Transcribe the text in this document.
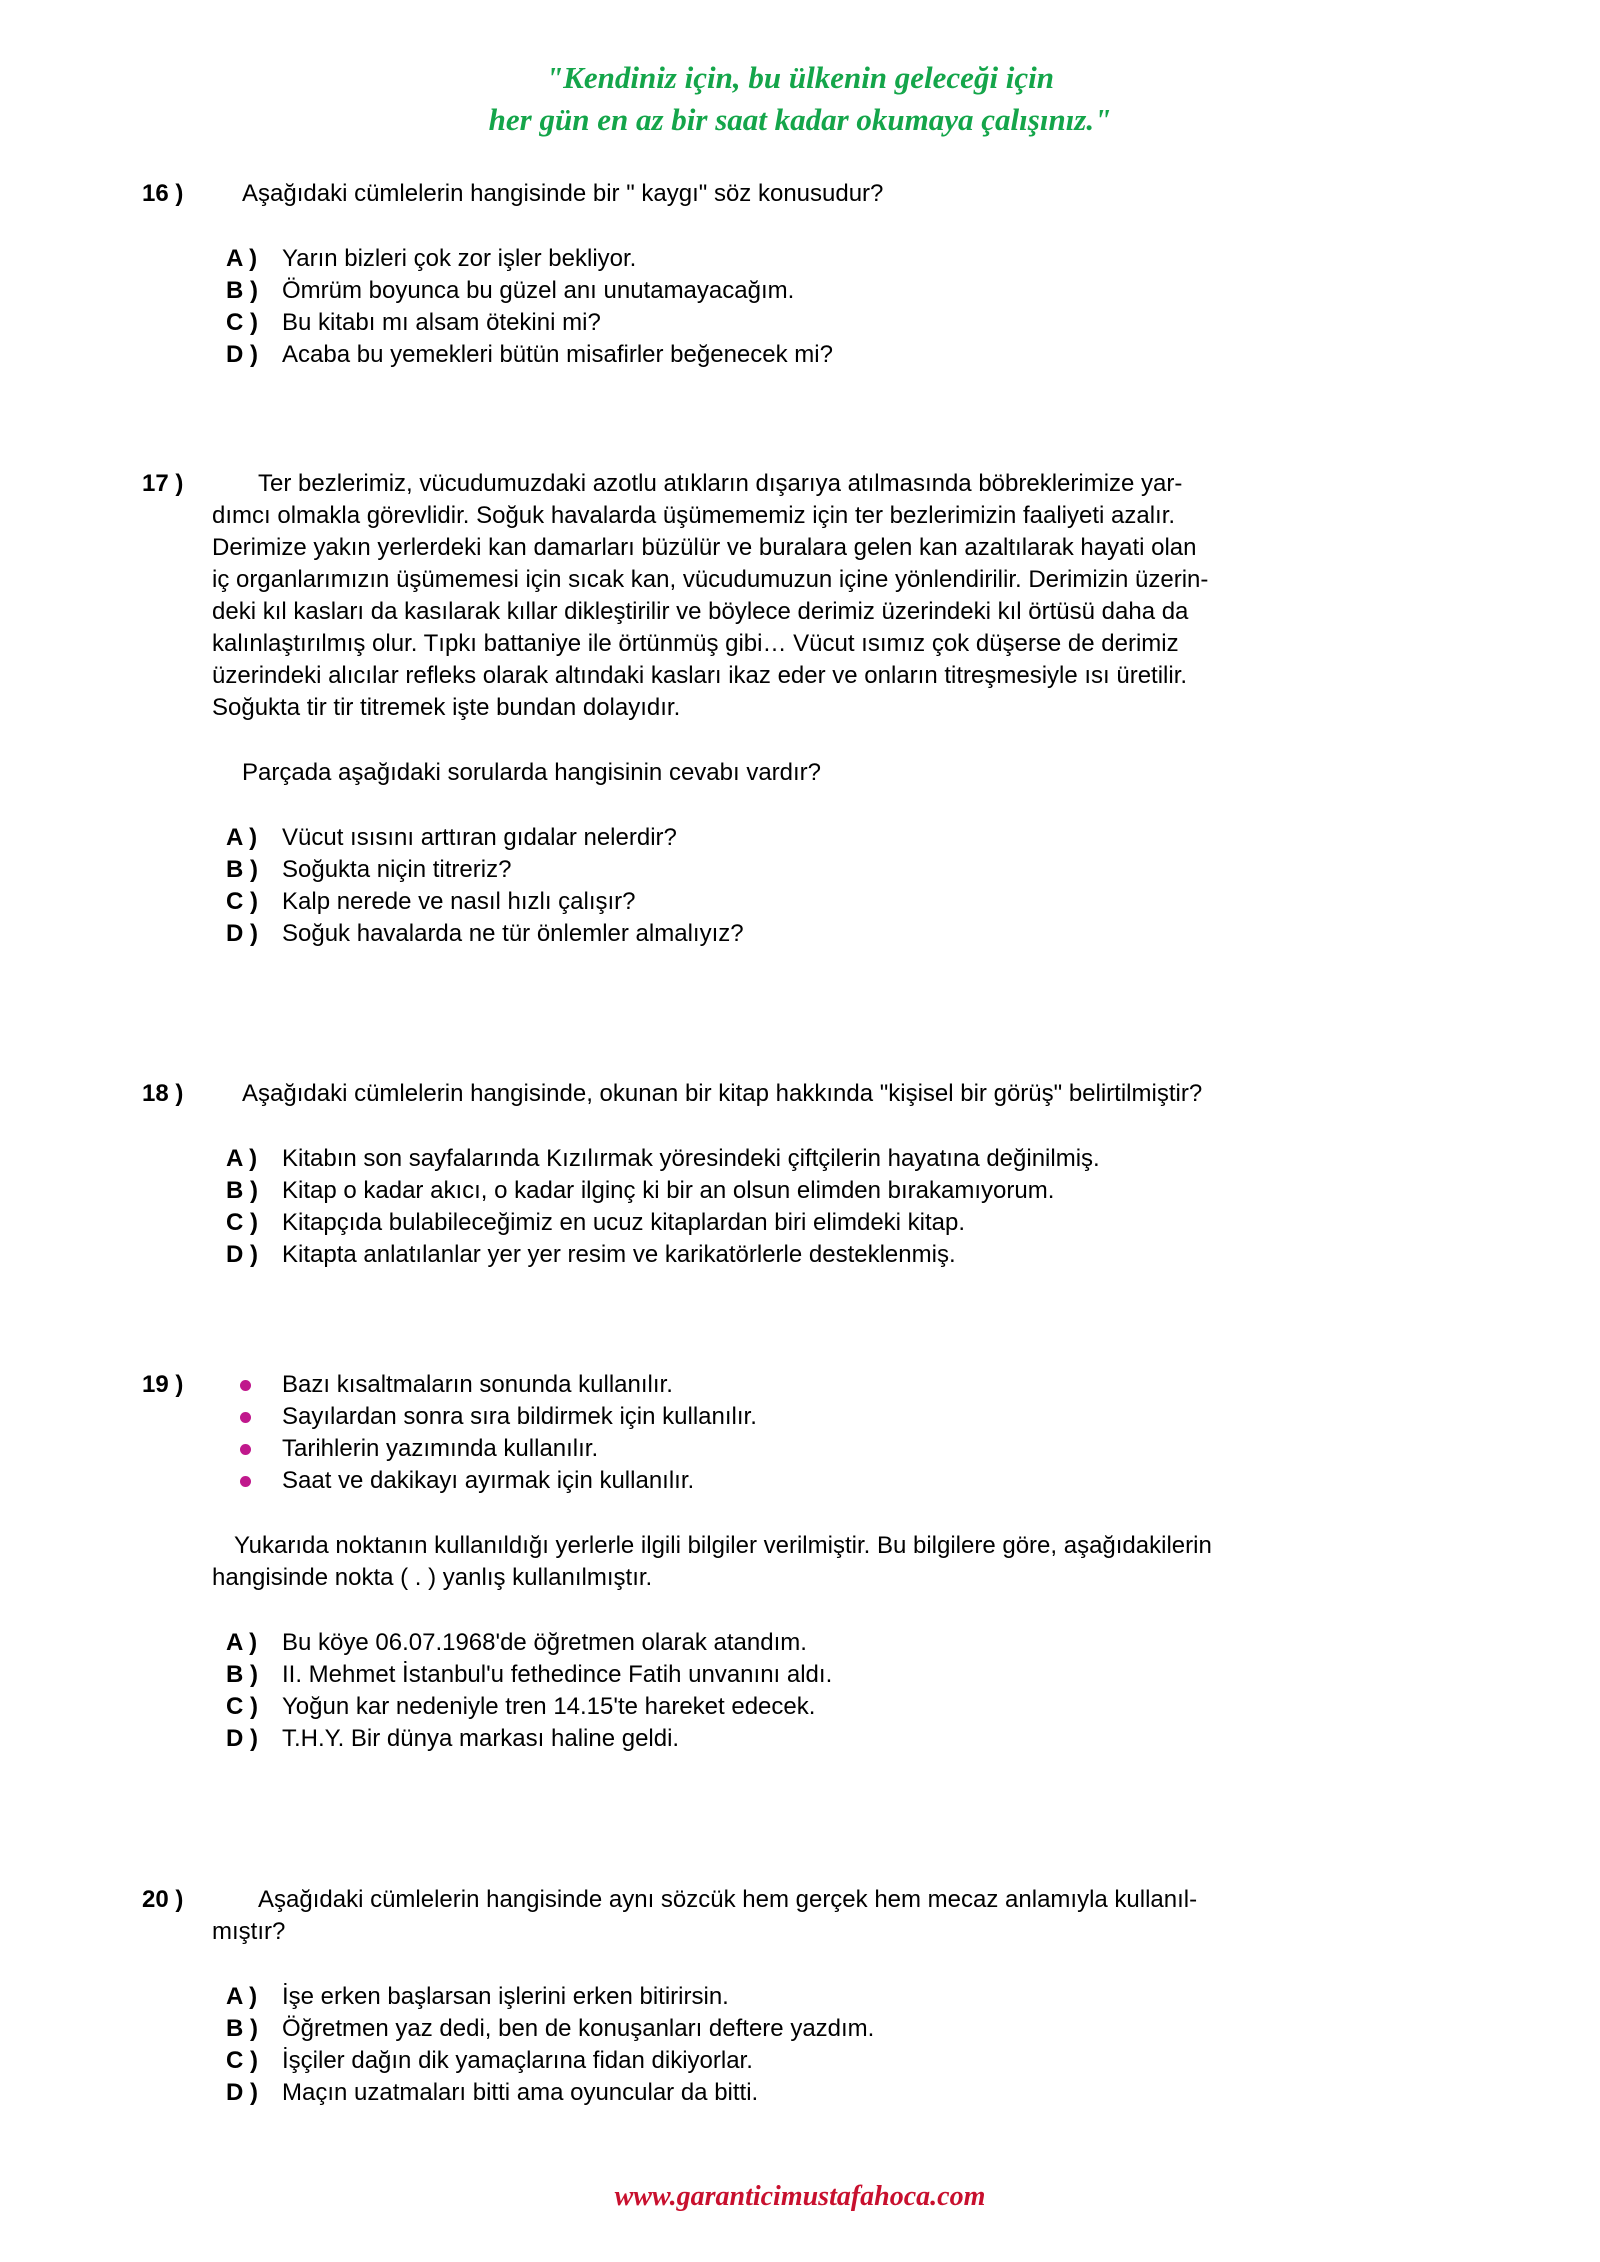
"Kendiniz için, bu ülkenin geleceği için
her gün en az bir saat kadar okumaya çalışınız."
16 ) Aşağıdaki cümlelerin hangisinde bir " kaygı" söz konusudur?
A ) Yarın bizleri çok zor işler bekliyor.
B ) Ömrüm boyunca bu güzel anı unutamayacağım.
C ) Bu kitabı mı alsam ötekini mi?
D ) Acaba bu yemekleri bütün misafirler beğenecek mi?
17 )	Ter bezlerimiz, vücudumuzdaki azotlu atıkların dışarıya atılmasında böbreklerimize yar-
dımcı olmakla görevlidir. Soğuk havalarda üşümememiz için ter bezlerimizin faaliyeti azalır.
Derimize yakın yerlerdeki kan damarları büzülür ve buralara gelen kan azaltılarak hayati olan
iç organlarımızın üşümemesi için sıcak kan, vücudumuzun içine yönlendirilir. Derimizin üzerin-
deki kıl kasları da kasılarak kıllar dikleştirilir ve böylece derimiz üzerindeki kıl örtüsü daha da
kalınlaştırılmış olur. Tıpkı battaniye ile örtünmüş gibi… Vücut ısımız çok düşerse de derimiz
üzerindeki alıcılar refleks olarak altındaki kasları ikaz eder ve onların titreşmesiyle ısı üretilir.
Soğukta tir tir titremek işte bundan dolayıdır.
Parçada aşağıdaki sorularda hangisinin cevabı vardır?
A ) Vücut ısısını arttıran gıdalar nelerdir?
B ) Soğukta niçin titreriz?
C ) Kalp nerede ve nasıl hızlı çalışır?
D ) Soğuk havalarda ne tür önlemler almalıyız?
18 ) Aşağıdaki cümlelerin hangisinde, okunan bir kitap hakkında "kişisel bir görüş" belirtilmiştir?
A ) Kitabın son sayfalarında Kızılırmak yöresindeki çiftçilerin hayatına değinilmiş.
B ) Kitap o kadar akıcı, o kadar ilginç ki bir an olsun elimden bırakamıyorum.
C ) Kitapçıda bulabileceğimiz en ucuz kitaplardan biri elimdeki kitap.
D ) Kitapta anlatılanlar yer yer resim ve karikatörlerle desteklenmiş.
19 )	Bazı kısaltmaların sonunda kullanılır.
Sayılardan sonra sıra bildirmek için kullanılır.
Tarihlerin yazımında kullanılır.
Saat ve dakikayı ayırmak için kullanılır.
Yukarıda noktanın kullanıldığı yerlerle ilgili bilgiler verilmiştir. Bu bilgilere göre, aşağıdakilerin
hangisinde nokta ( . ) yanlış kullanılmıştır.
A ) Bu köye 06.07.1968'de öğretmen olarak atandım.
B ) II. Mehmet İstanbul'u fethedince Fatih unvanını aldı.
C ) Yoğun kar nedeniyle tren 14.15'te hareket edecek.
D ) T.H.Y. Bir dünya markası haline geldi.
20 )	Aşağıdaki cümlelerin hangisinde aynı sözcük hem gerçek hem mecaz anlamıyla kullanıl-
mıştır?
A ) İşe erken başlarsan işlerini erken bitirirsin.
B ) Öğretmen yaz dedi, ben de konuşanları deftere yazdım.
C ) İşçiler dağın dik yamaçlarına fidan dikiyorlar.
D ) Maçın uzatmaları bitti ama oyuncular da bitti.
www.garanticimustafahoca.com
